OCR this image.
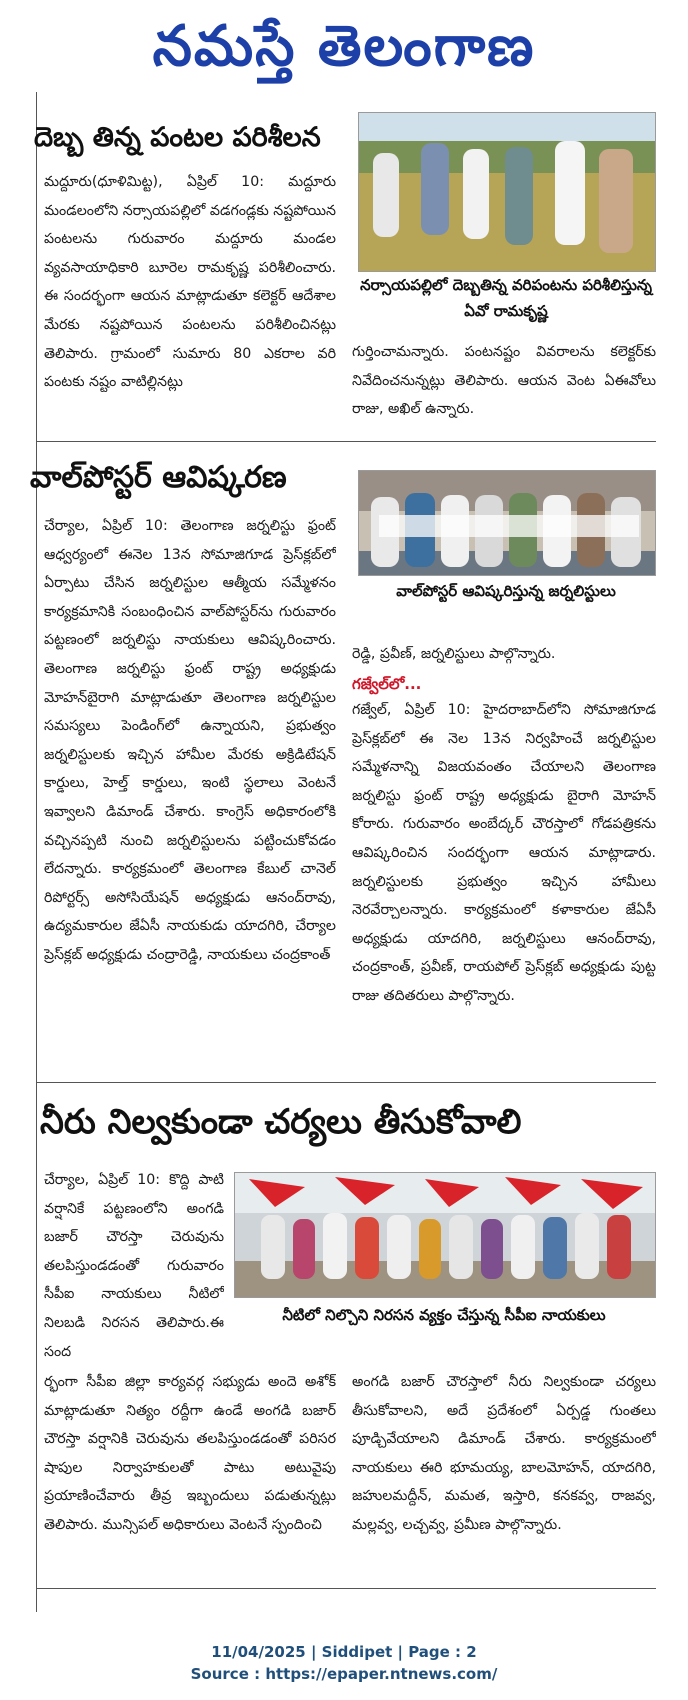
నమస్తే తెలంగాణ
దెబ్బ తిన్న పంటల పరిశీలన
మద్దూరు(ధూళిమిట్ట), ఏప్రిల్ 10: మద్దూరు మండలంలోని నర్సాయపల్లిలో వడగండ్లకు నష్టపోయిన పంటలను గురువారం మద్దూరు మండల వ్యవసాయాధికారి బూరెల రామకృష్ణ పరిశీలించారు. ఈ సందర్భంగా ఆయన మాట్లాడుతూ కలెక్టర్ ఆదేశాల మేరకు నష్టపోయిన పంటలను పరిశీలించినట్లు తెలిపారు. గ్రామంలో సుమారు 80 ఎకరాల వరి పంటకు నష్టం వాటిల్లినట్లు
నర్సాయపల్లిలో దెబ్బతిన్న వరిపంటను పరిశీలిస్తున్న ఏవో రామకృష్ణ
గుర్తించామన్నారు. పంటనష్టం వివరాలను కలెక్టర్‌కు నివేదించనున్నట్లు తెలిపారు. ఆయన వెంట ఏఈవోలు రాజు, అఖిల్ ఉన్నారు.
వాల్‌పోస్టర్ ఆవిష్కరణ
చేర్యాల, ఏప్రిల్ 10: తెలంగాణ జర్నలిస్టు ఫ్రంట్ ఆధ్వర్యంలో ఈనెల 13న సోమాజిగూడ ప్రెస్‌క్లబ్‌లో ఏర్పాటు చేసిన జర్నలిస్టుల ఆత్మీయ సమ్మేళనం కార్యక్రమానికి సంబంధించిన వాల్‌పోస్టర్‌ను గురువారం పట్టణంలో జర్నలిస్టు నాయకులు ఆవిష్కరించారు. తెలంగాణ జర్నలిస్టు ఫ్రంట్ రాష్ట్ర అధ్యక్షుడు మోహన్‌బైరాగి మాట్లాడుతూ తెలంగాణ జర్నలిస్టుల సమస్యలు పెండింగ్‌లో ఉన్నాయని, ప్రభుత్వం జర్నలిస్టులకు ఇచ్చిన హామీల మేరకు అక్రిడిటేషన్ కార్డులు, హెల్త్ కార్డులు, ఇంటి స్థలాలు వెంటనే ఇవ్వాలని డిమాండ్ చేశారు. కాంగ్రెస్ అధికారంలోకి వచ్చినప్పటి నుంచి జర్నలిస్టులను పట్టించుకోవడం లేదన్నారు. కార్యక్రమంలో తెలంగాణ కేబుల్ చానెల్ రిపోర్టర్స్ అసోసియేషన్ అధ్యక్షుడు ఆనంద్‌రావు, ఉద్యమకారుల జేఏసీ నాయకుడు యాదగిరి, చేర్యాల ప్రెస్‌క్లబ్ అధ్యక్షుడు చంద్రారెడ్డి, నాయకులు చంద్రకాంత్
వాల్‌పోస్టర్ ఆవిష్కరిస్తున్న జర్నలిస్టులు
రెడ్డి, ప్రవీణ్, జర్నలిస్టులు పాల్గొన్నారు.
గజ్వేల్‌లో...
గజ్వేల్, ఏప్రిల్ 10: హైదరాబాద్‌లోని సోమాజిగూడ ప్రెస్‌క్లబ్‌లో ఈ నెల 13న నిర్వహించే జర్నలిస్టుల సమ్మేళనాన్ని విజయవంతం చేయాలని తెలంగాణ జర్నలిస్టు ఫ్రంట్ రాష్ట్ర అధ్యక్షుడు బైరాగి మోహన్ కోరారు. గురువారం అంబేద్కర్ చౌరస్తాలో గోడపత్రికను ఆవిష్కరించిన సందర్భంగా ఆయన మాట్లాడారు. జర్నలిస్టులకు ప్రభుత్వం ఇచ్చిన హామీలు నెరవేర్చాలన్నారు. కార్యక్రమంలో కళాకారుల జేఏసీ అధ్యక్షుడు యాదగిరి, జర్నలిస్టులు ఆనంద్‌రావు, చంద్రకాంత్, ప్రవీణ్, రాయపోల్ ప్రెస్‌క్లబ్ అధ్యక్షుడు పుట్ట రాజు తదితరులు పాల్గొన్నారు.
నీరు నిల్వకుండా చర్యలు తీసుకోవాలి
చేర్యాల, ఏప్రిల్ 10: కొద్ది పాటి వర్షానికే పట్టణంలోని అంగడి బజార్ చౌరస్తా చెరువును తలపిస్తుండడంతో గురువారం సీపీఐ నాయకులు నీటిలో నిలబడి నిరసన తెలిపారు.ఈ సంద
నీటిలో నిల్చొని నిరసన వ్యక్తం చేస్తున్న సీపీఐ నాయకులు
ర్భంగా సీపీఐ జిల్లా కార్యవర్గ సభ్యుడు అందె అశోక్ మాట్లాడుతూ నిత్యం రద్దీగా ఉండే అంగడి బజార్ చౌరస్తా వర్షానికి చెరువును తలపిస్తుండడంతో పరిసర షాపుల నిర్వాహకులతో పాటు అటువైపు ప్రయాణించేవారు తీవ్ర ఇబ్బందులు పడుతున్నట్లు తెలిపారు. మున్సిపల్ అధికారులు వెంటనే స్పందించి
అంగడి బజార్ చౌరస్తాలో నీరు నిల్వకుండా చర్యలు తీసుకోవాలని, అదే ప్రదేశంలో ఏర్పడ్డ గుంతలు పూడ్చివేయాలని డిమాండ్ చేశారు. కార్యక్రమంలో నాయకులు ఈరి భూమయ్య, బాలమోహన్, యాదగిరి, జహులమద్దీన్, మమత, ఇస్తారి, కనకవ్వ, రాజవ్వ, మల్లవ్వ, లచ్చవ్వ, ప్రమీణ పాల్గొన్నారు.
11/04/2025 | Siddipet | Page : 2
Source : https://epaper.ntnews.com/
